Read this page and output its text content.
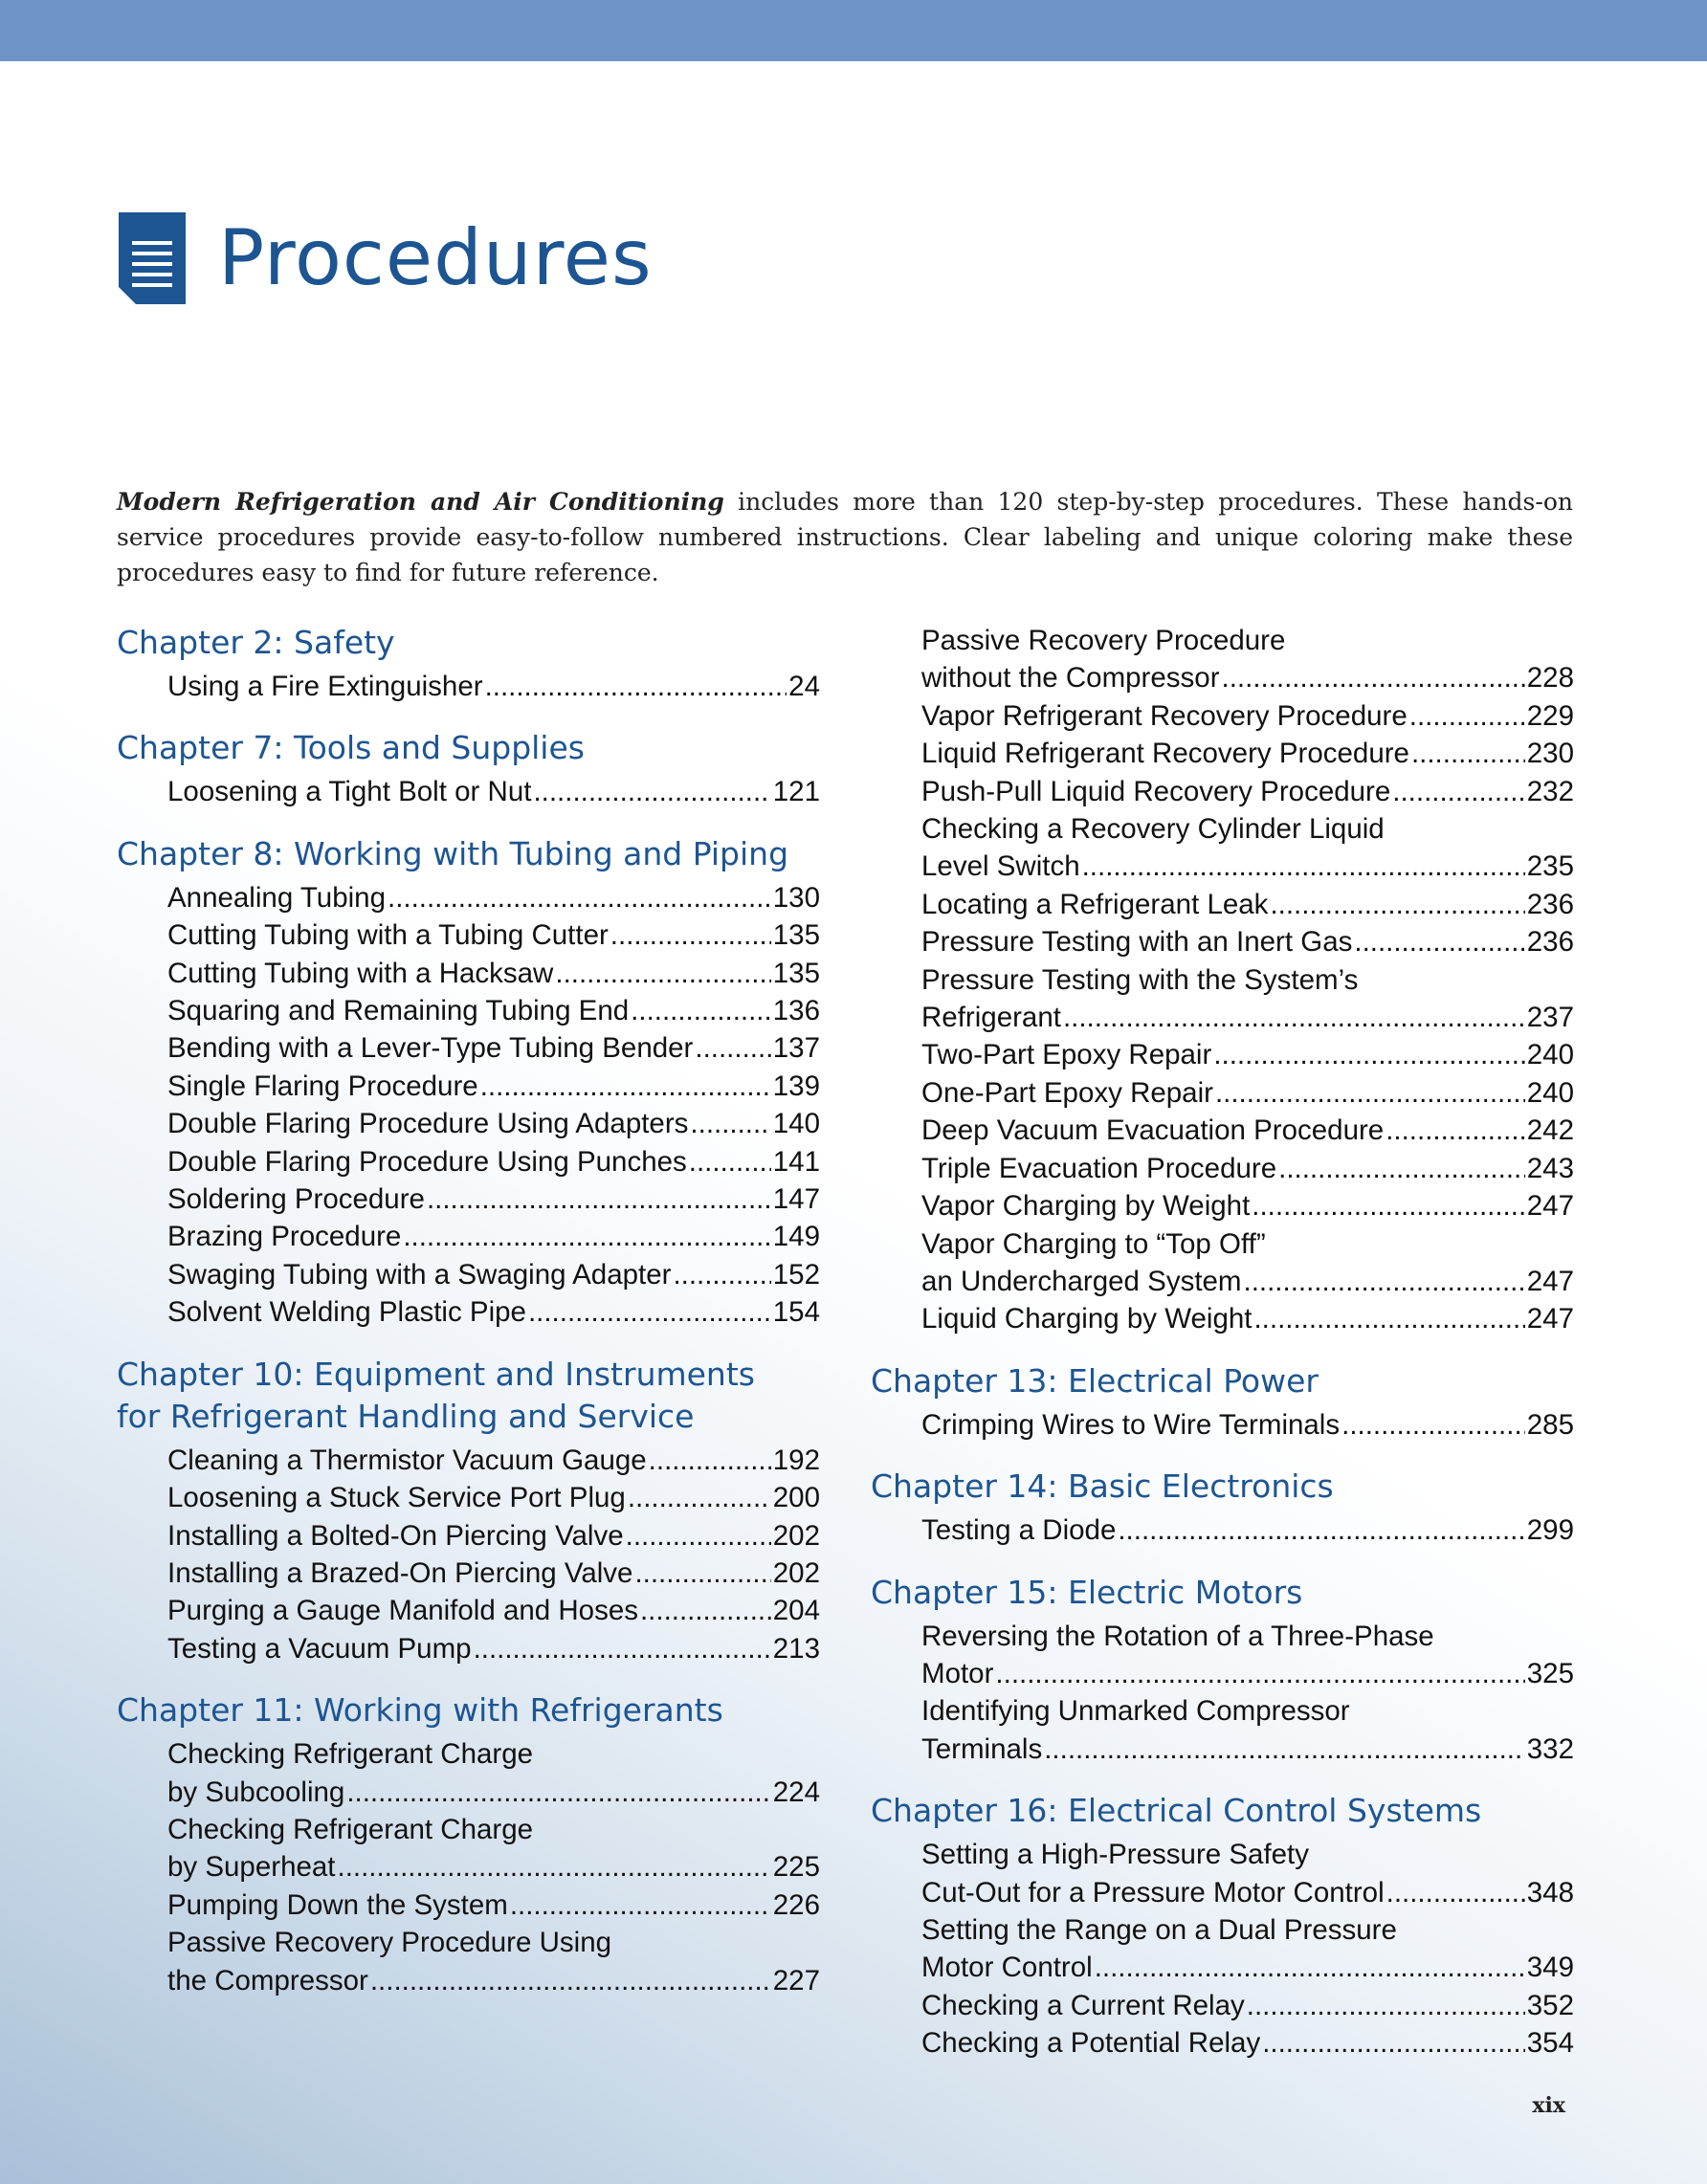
Procedures

Modern Refrigeration and Air Conditioning includes more than 120 step-by-step procedures. These hands-on service procedures provide easy-to-follow numbered instructions. Clear labeling and unique coloring make these procedures easy to find for future reference.

Chapter 2: Safety
Using a Fire Extinguisher .....	24
Chapter 7: Tools and Supplies
Loosening a Tight Bolt or Nut .....	121
Chapter 8: Working with Tubing and Piping
Annealing Tubing .....	130
Cutting Tubing with a Tubing Cutter .....	135
Cutting Tubing with a Hacksaw .....	135
Squaring and Remaining Tubing End .....	136
Bending with a Lever-Type Tubing Bender .....	137
Single Flaring Procedure .....	139
Double Flaring Procedure Using Adapters .....	140
Double Flaring Procedure Using Punches .....	141
Soldering Procedure .....	147
Brazing Procedure .....	149
Swaging Tubing with a Swaging Adapter .....	152
Solvent Welding Plastic Pipe .....	154
Chapter 10: Equipment and Instruments
for Refrigerant Handling and Service
Cleaning a Thermistor Vacuum Gauge .....	192
Loosening a Stuck Service Port Plug .....	200
Installing a Bolted-On Piercing Valve .....	202
Installing a Brazed-On Piercing Valve .....	202
Purging a Gauge Manifold and Hoses .....	204
Testing a Vacuum Pump .....	213
Chapter 11: Working with Refrigerants
Checking Refrigerant Charge
by Subcooling .....	224
Checking Refrigerant Charge
by Superheat .....	225
Pumping Down the System .....	226
Passive Recovery Procedure Using
the Compressor .....	227
Passive Recovery Procedure
without the Compressor .....	228
Vapor Refrigerant Recovery Procedure .....	229
Liquid Refrigerant Recovery Procedure .....	230
Push-Pull Liquid Recovery Procedure .....	232
Checking a Recovery Cylinder Liquid
Level Switch .....	235
Locating a Refrigerant Leak .....	236
Pressure Testing with an Inert Gas .....	236
Pressure Testing with the System’s
Refrigerant .....	237
Two-Part Epoxy Repair .....	240
One-Part Epoxy Repair .....	240
Deep Vacuum Evacuation Procedure .....	242
Triple Evacuation Procedure .....	243
Vapor Charging by Weight .....	247
Vapor Charging to “Top Off”
an Undercharged System .....	247
Liquid Charging by Weight .....	247
Chapter 13: Electrical Power
Crimping Wires to Wire Terminals .....	285
Chapter 14: Basic Electronics
Testing a Diode .....	299
Chapter 15: Electric Motors
Reversing the Rotation of a Three-Phase
Motor .....	325
Identifying Unmarked Compressor
Terminals .....	332
Chapter 16: Electrical Control Systems
Setting a High-Pressure Safety
Cut-Out for a Pressure Motor Control .....	348
Setting the Range on a Dual Pressure
Motor Control .....	349
Checking a Current Relay .....	352
Checking a Potential Relay .....	354
xix
